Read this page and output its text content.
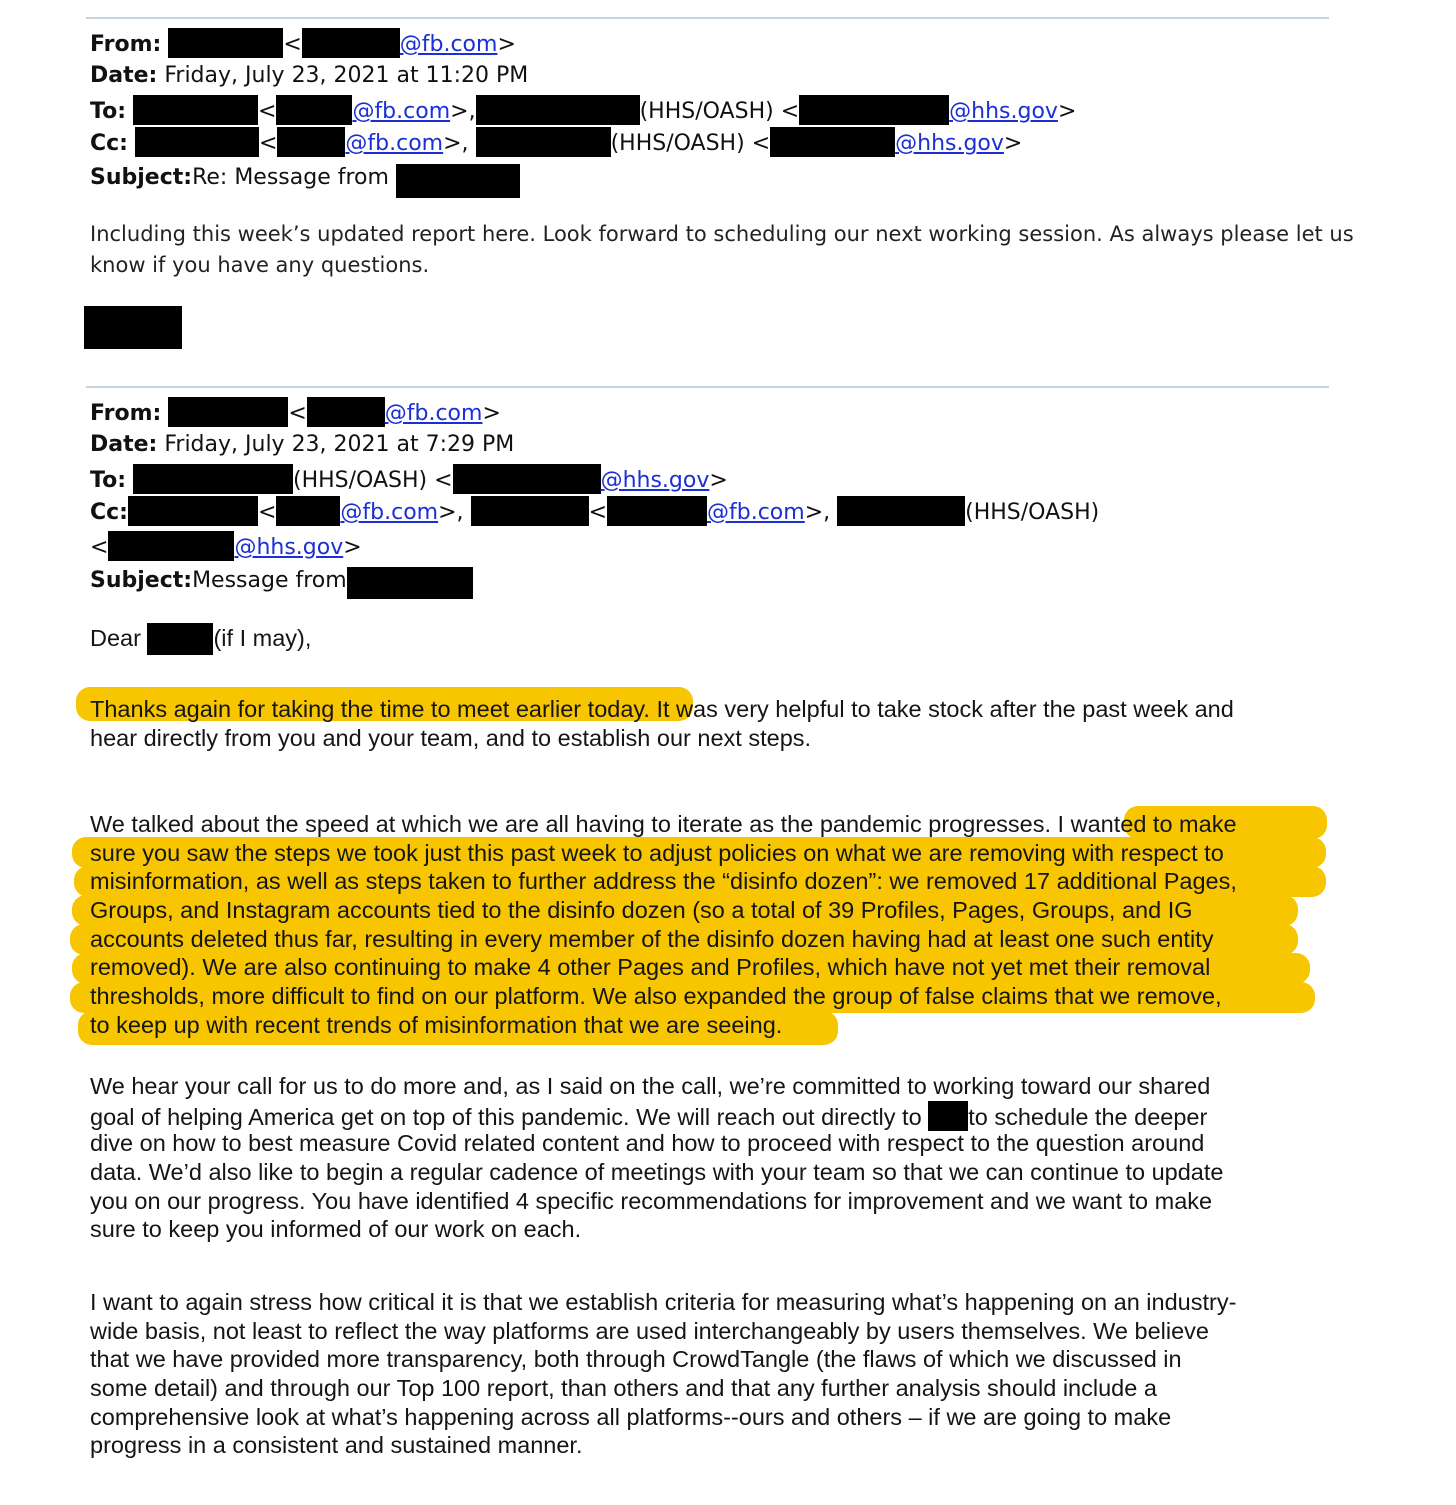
From:	<	@fb.com>
Date: Friday, July 23, 2021 at 11:20 PM
To:	<	@fb.com>,	(HHS/OASH) <	@hhs.gov>
Cc:	<	@fb.com>,	(HHS/OASH) <	@hhs.gov>
Subject:Re: Message from
Including this week’s updated report here. Look forward to scheduling our next working session. As always please let us
know if you have any questions.
From:	<	@fb.com>
Date: Friday, July 23, 2021 at 7:29 PM
To:	(HHS/OASH) <	@hhs.gov>
Cc:	<	@fb.com>,	<	@fb.com>,	(HHS/OASH)
<	@hhs.gov>
Subject:Message from
Dear	(if I may),
Thanks again for taking the time to meet earlier today. It was very helpful to take stock after the past week and
hear directly from you and your team, and to establish our next steps.
We talked about the speed at which we are all having to iterate as the pandemic progresses. I wanted to make
sure you saw the steps we took just this past week to adjust policies on what we are removing with respect to
misinformation, as well as steps taken to further address the “disinfo dozen”: we removed 17 additional Pages,
Groups, and Instagram accounts tied to the disinfo dozen (so a total of 39 Profiles, Pages, Groups, and IG
accounts deleted thus far, resulting in every member of the disinfo dozen having had at least one such entity
removed). We are also continuing to make 4 other Pages and Profiles, which have not yet met their removal
thresholds, more difficult to find on our platform. We also expanded the group of false claims that we remove,
to keep up with recent trends of misinformation that we are seeing.
We hear your call for us to do more and, as I said on the call, we’re committed to working toward our shared
goal of helping America get on top of this pandemic. We will reach out directly to to schedule the deeper
dive on how to best measure Covid related content and how to proceed with respect to the question around
data. We’d also like to begin a regular cadence of meetings with your team so that we can continue to update
you on our progress. You have identified 4 specific recommendations for improvement and we want to make
sure to keep you informed of our work on each.
I want to again stress how critical it is that we establish criteria for measuring what’s happening on an industry-
wide basis, not least to reflect the way platforms are used interchangeably by users themselves. We believe
that we have provided more transparency, both through CrowdTangle (the flaws of which we discussed in
some detail) and through our Top 100 report, than others and that any further analysis should include a
comprehensive look at what’s happening across all platforms--ours and others – if we are going to make
progress in a consistent and sustained manner.
